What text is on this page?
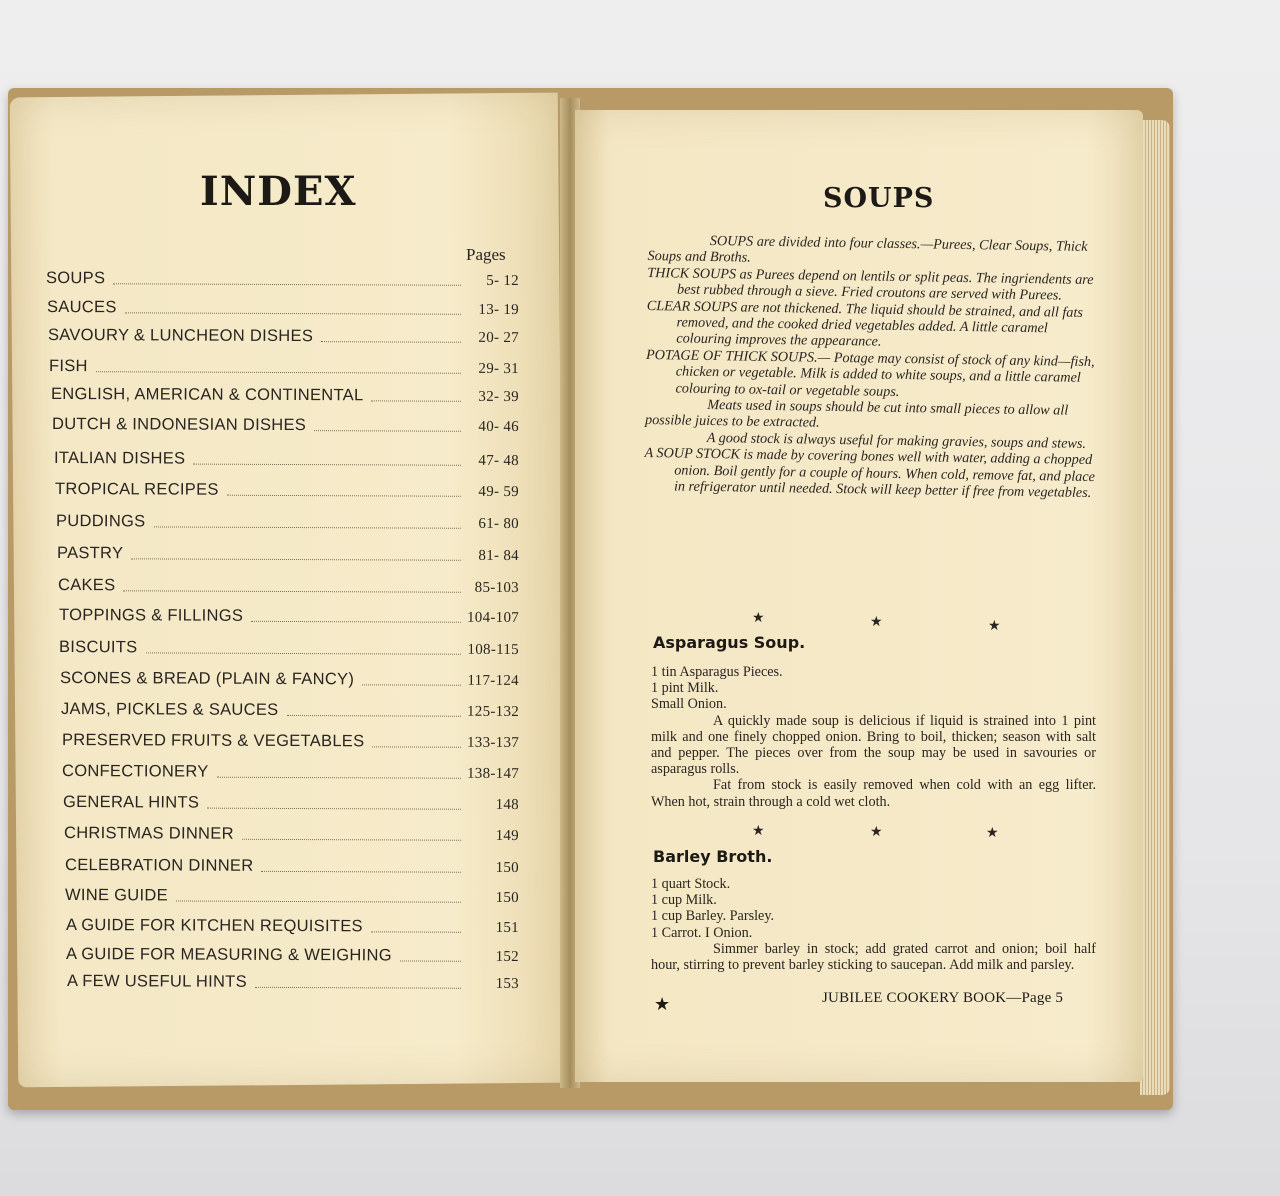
INDEX
Pages
SOUPS	5- 12
SAUCES	13- 19
SAVOURY & LUNCHEON DISHES	20- 27
FISH	29- 31
ENGLISH, AMERICAN & CONTINENTAL	32- 39
DUTCH & INDONESIAN DISHES	40- 46
ITALIAN DISHES	47- 48
TROPICAL RECIPES	49- 59
PUDDINGS	61- 80
PASTRY	81- 84
CAKES	85-103
TOPPINGS & FILLINGS	104-107
BISCUITS	108-115
SCONES & BREAD (PLAIN & FANCY)	117-124
JAMS, PICKLES & SAUCES	125-132
PRESERVED FRUITS & VEGETABLES	133-137
CONFECTIONERY	138-147
GENERAL HINTS	148
CHRISTMAS DINNER	149
CELEBRATION DINNER	150
WINE GUIDE	150
A GUIDE FOR KITCHEN REQUISITES	151
A GUIDE FOR MEASURING & WEIGHING	152
A FEW USEFUL HINTS	153
SOUPS

SOUPS are divided into four classes.—Purees, Clear Soups, Thick Soups and Broths.

THICK SOUPS as Purees depend on lentils or split peas. The ingriendents are best rubbed through a sieve. Fried croutons are served with Purees.

CLEAR SOUPS are not thickened. The liquid should be strained, and all fats removed, and the cooked dried vegetables added. A little caramel colouring improves the appearance.

POTAGE OF THICK SOUPS.— Potage may consist of stock of any kind—fish, chicken or vegetable. Milk is added to white soups, and a little caramel colouring to ox-tail or vegetable soups.

Meats used in soups should be cut into small pieces to allow all possible juices to be extracted.

A good stock is always useful for making gravies, soups and stews.

A SOUP STOCK is made by covering bones well with water, adding a chopped onion. Boil gently for a couple of hours. When cold, remove fat, and place in refrigerator until needed. Stock will keep better if free from vegetables.

★	★	★
Asparagus Soup.

1 tin Asparagus Pieces.

1 pint Milk.

Small Onion.

A quickly made soup is delicious if liquid is strained into 1 pint milk and one finely chopped onion. Bring to boil, thicken; season with salt and pepper. The pieces over from the soup may be used in savouries or asparagus rolls.

Fat from stock is easily removed when cold with an egg lifter. When hot, strain through a cold wet cloth.

★	★	★
Barley Broth.

1 quart Stock.

1 cup Milk.

1 cup Barley. Parsley.

1 Carrot. I Onion.

Simmer barley in stock; add grated carrot and onion; boil half hour, stirring to prevent barley sticking to saucepan. Add milk and parsley.

★	JUBILEE COOKERY BOOK—Page 5
